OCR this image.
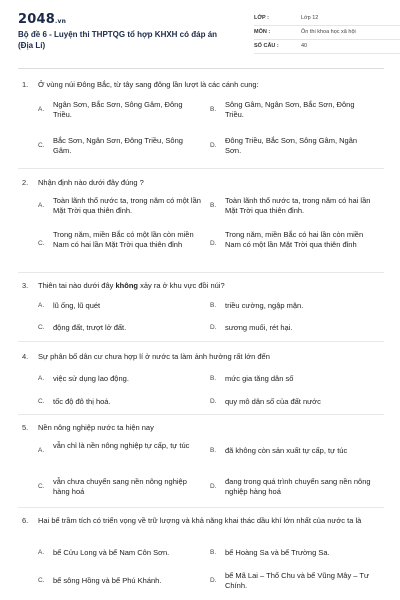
2048.vn
Bộ đề 6 - Luyện thi THPTQG tổ hợp KHXH có đáp án (Địa Lí)
LỚP :	Lớp 12
MÔN :	Ôn thi khoa học xã hội
SỐ CÂU :	40
1. Ở vùng núi Đông Bắc, từ tây sang đông lần lượt là các cánh cung:
A.
Ngân Sơn, Bắc Sơn, Sông Gâm, Đông Triều.
B.
Sông Gâm, Ngân Sơn, Bắc Sơn, Đông Triều.
C.
Bắc Sơn, Ngân Sơn, Đông Triều, Sông Gâm.
D.
Đông Triều, Bắc Sơn, Sông Gâm, Ngân Sơn.
2. Nhận định nào dưới đây đúng ?
A.
Toàn lãnh thổ nước ta, trong năm có một lần Mặt Trời qua thiên đỉnh.
B.
Toàn lãnh thổ nước ta, trong năm có hai lần Mặt Trời qua thiên đỉnh.
C.
Trong năm, miền Bắc có một lần còn miền Nam có hai lần Mặt Trời qua thiên đỉnh	D.
Trong năm, miền Bắc có hai lần còn miền Nam có một lần Mặt Trời qua thiên đỉnh
3. Thiên tai nào dưới đây không xảy ra ở khu vực đồi núi?
A. lũ ống, lũ quét	B. triều cường, ngập mặn.
C. động đất, trượt lở đất.	D. sương muối, rét hại.
4. Sự phân bố dân cư chưa hợp lí ở nước ta làm ảnh hưởng rất lớn đến
A. việc sử dụng lao động.	B. mức gia tăng dân số
C. tốc độ đô thị hoá.	D. quy mô dân số của đất nước
5. Nền nông nghiệp nước ta hiện nay
A.
vẫn chỉ là nền nông nghiệp tự cấp, tự túc
B. đã không còn sản xuất tự cấp, tự túc
C.
vẫn chưa chuyển sang nền nông nghiệp hàng hoá
D.
đang trong quá trình chuyển sang nền nông nghiệp hàng hoá
6. Hai bể trầm tích có triển vọng về trữ lượng và khả năng khai thác dầu khí lớn nhất của nước ta là
A. bể Cửu Long và bể Nam Côn Sơn.	B. bể Hoàng Sa và bể Trường Sa.
C. bể sông Hồng và bể Phú Khánh.	D.
bể Mã Lai – Thổ Chu và bể Vũng Mây – Tư Chính.
